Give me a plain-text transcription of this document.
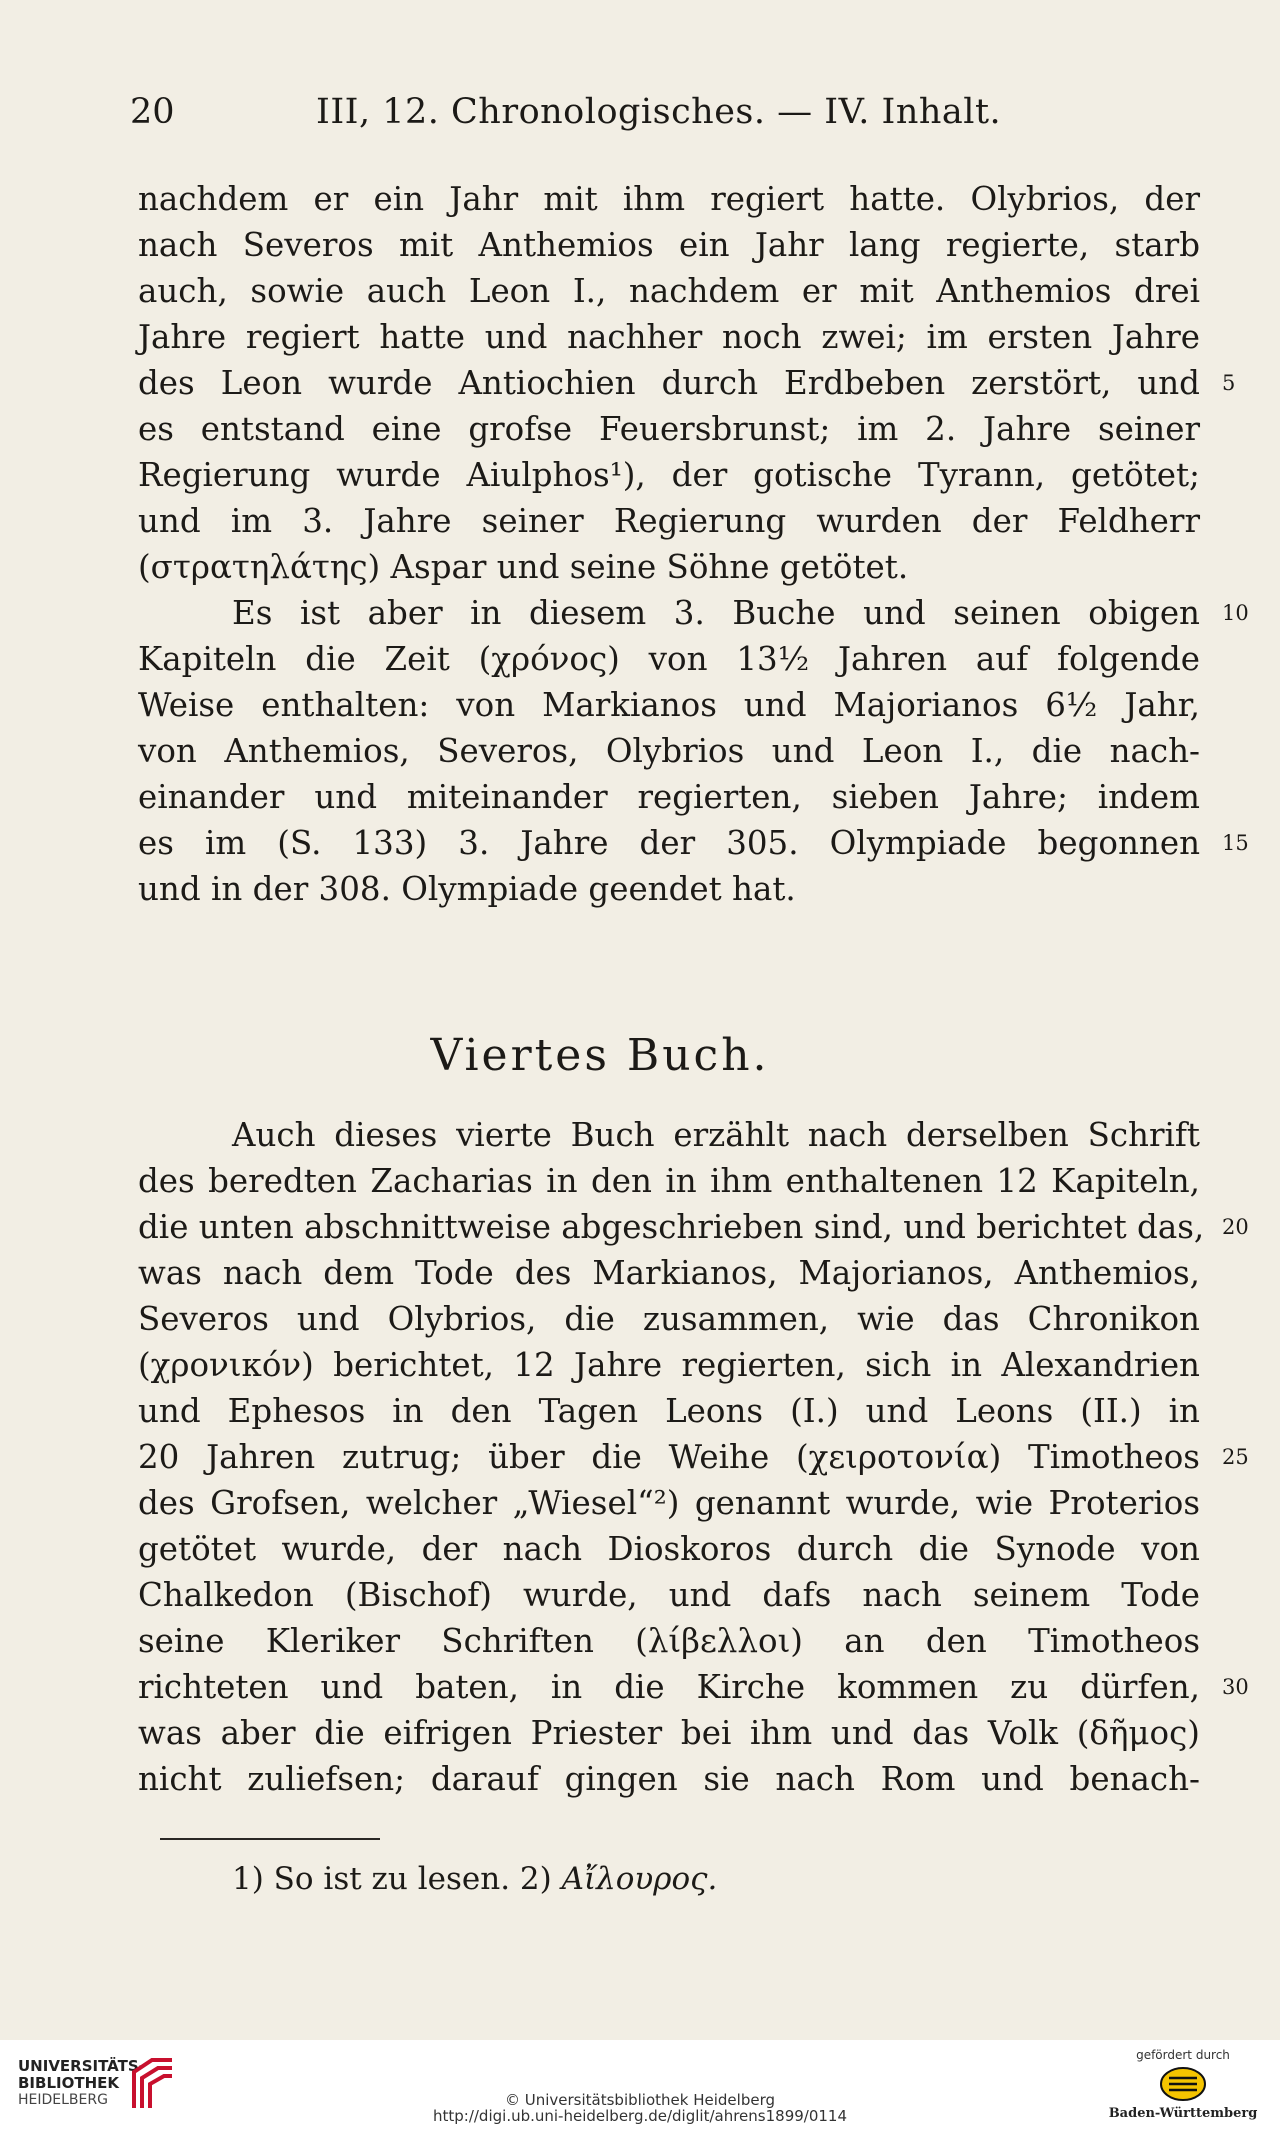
20	III, 12. Chronologisches. — IV. Inhalt.
nachdem er ein Jahr mit ihm regiert hatte. Olybrios, der
nach Severos mit Anthemios ein Jahr lang regierte, starb
auch, sowie auch Leon I., nachdem er mit Anthemios drei
Jahre regiert hatte und nachher noch zwei; im ersten Jahre
des Leon wurde Antiochien durch Erdbeben zerstört, und
es entstand eine grofse Feuersbrunst; im 2. Jahre seiner
Regierung wurde Aiulphos¹), der gotische Tyrann, getötet;
und im 3. Jahre seiner Regierung wurden der Feldherr
(στρατηλάτης) Aspar und seine Söhne getötet.
Es ist aber in diesem 3. Buche und seinen obigen
Kapiteln die Zeit (χρόνος) von 13½ Jahren auf folgende
Weise enthalten: von Markianos und Majorianos 6½ Jahr,
von Anthemios, Severos, Olybrios und Leon I., die nach-
einander und miteinander regierten, sieben Jahre; indem
es im (S. 133) 3. Jahre der 305. Olympiade begonnen
und in der 308. Olympiade geendet hat.
Viertes Buch.
Auch dieses vierte Buch erzählt nach derselben Schrift
des beredten Zacharias in den in ihm enthaltenen 12 Kapiteln,
die unten abschnittweise abgeschrieben sind, und berichtet das,
was nach dem Tode des Markianos, Majorianos, Anthemios,
Severos und Olybrios, die zusammen, wie das Chronikon
(χρονικόν) berichtet, 12 Jahre regierten, sich in Alexandrien
und Ephesos in den Tagen Leons (I.) und Leons (II.) in
20 Jahren zutrug; über die Weihe (χειροτονία) Timotheos
des Grofsen, welcher „Wiesel“²) genannt wurde, wie Proterios
getötet wurde, der nach Dioskoros durch die Synode von
Chalkedon (Bischof) wurde, und dafs nach seinem Tode
seine Kleriker Schriften (λίβελλοι) an den Timotheos
richteten und baten, in die Kirche kommen zu dürfen,
was aber die eifrigen Priester bei ihm und das Volk (δῆμος)
nicht zuliefsen; darauf gingen sie nach Rom und benach-
5
10
15
20
25
30
1) So ist zu lesen. 2) Αἴλουρος.
UNIVERSITÄTS-
BIBLIOTHEK
HEIDELBERG	© Universitätsbibliothek Heidelberg
http://digi.ub.uni-heidelberg.de/diglit/ahrens1899/0114
gefördert durch
Baden-Württemberg
